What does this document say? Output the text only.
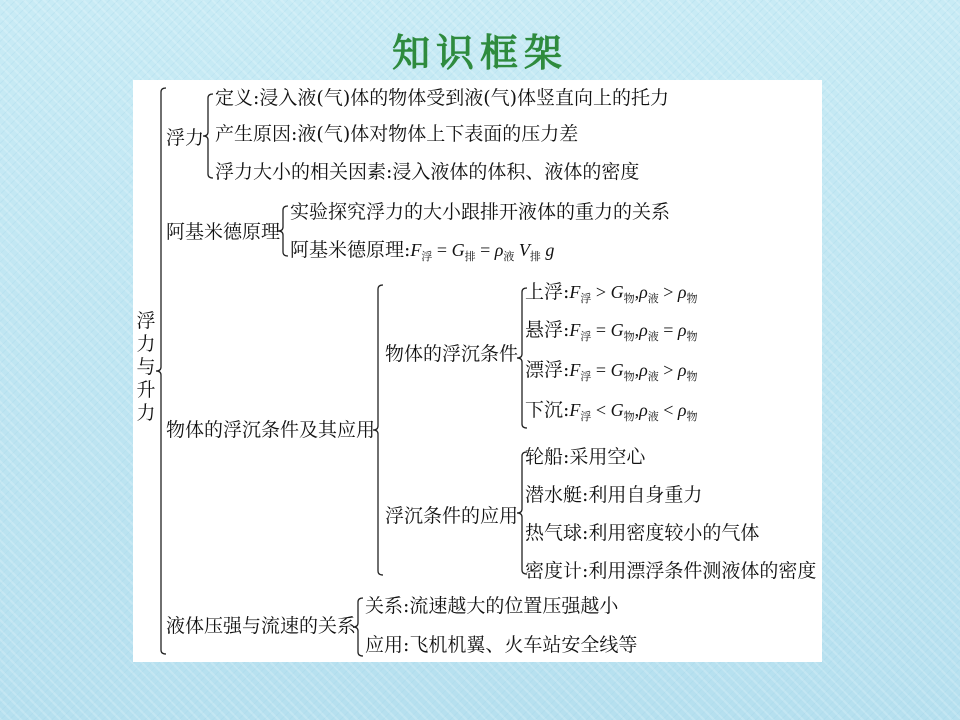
知识框架
浮
力
与
升
力
浮力
定义:浸入液(气)体的物体受到液(气)体竖直向上的托力
产生原因:液(气)体对物体上下表面的压力差
浮力大小的相关因素:浸入液体的体积、液体的密度
阿基米德原理
实验探究浮力的大小跟排开液体的重力的关系
阿基米德原理$:F_浮 = G_排 = \rho_液$ $V_排$ g
物体的浮沉条件及其应用
物体的浮沉条件
上浮$:F_浮 > G_物,\rho_液 > \rho_物$
悬浮$:F_浮 = G_物,\rho_液 = \rho_物$
漂浮$:F_浮 = G_物,\rho_液 > \rho_物$
下沉$:F_浮 < G_物,\rho_液 < \rho_物$
浮沉条件的应用
轮船:采用空心
潜水艇:利用自身重力
热气球:利用密度较小的气体
密度计:利用漂浮条件测液体的密度
液体压强与流速的关系
关系:流速越大的位置压强越小
应用:飞机机翼、火车站安全线等
